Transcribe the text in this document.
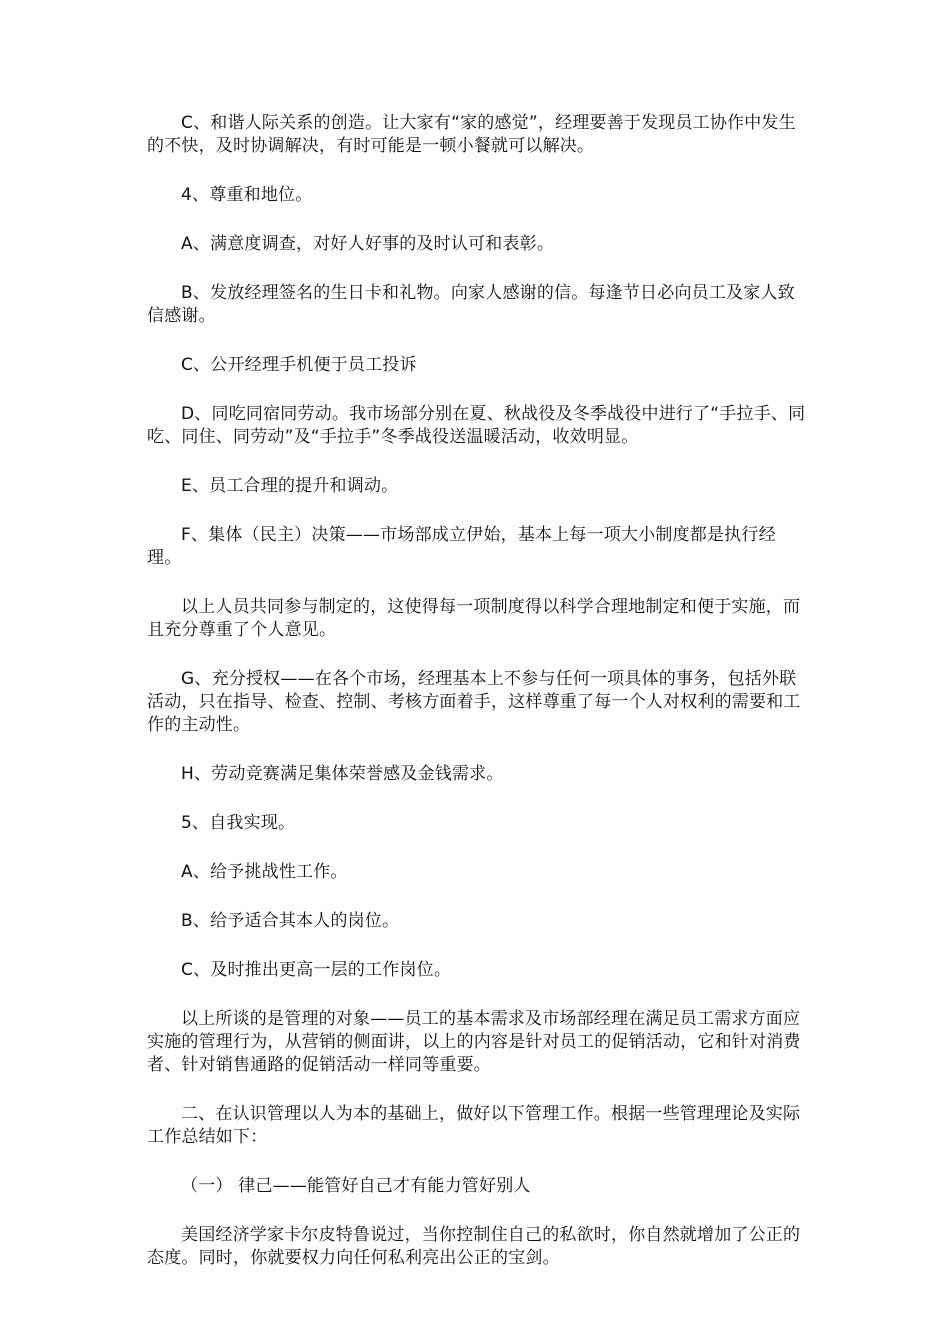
C、和谐人际关系的创造。让大家有“家的感觉”，经理要善于发现员工协作中发生的不快，及时协调解决，有时可能是一顿小餐就可以解决。

4、尊重和地位。

A、满意度调查，对好人好事的及时认可和表彰。

B、发放经理签名的生日卡和礼物。向家人感谢的信。每逢节日必向员工及家人致信感谢。

C、公开经理手机便于员工投诉

D、同吃同宿同劳动。我市场部分别在夏、秋战役及冬季战役中进行了“手拉手、同吃、同住、同劳动”及“手拉手”冬季战役送温暖活动，收效明显。

E、员工合理的提升和调动。

F、集体（民主）决策——市场部成立伊始，基本上每一项大小制度都是执行经理。

以上人员共同参与制定的，这使得每一项制度得以科学合理地制定和便于实施，而且充分尊重了个人意见。

G、充分授权——在各个市场，经理基本上不参与任何一项具体的事务，包括外联活动，只在指导、检查、控制、考核方面着手，这样尊重了每一个人对权利的需要和工作的主动性。

H、劳动竞赛满足集体荣誉感及金钱需求。

5、自我实现。

A、给予挑战性工作。

B、给予适合其本人的岗位。

C、及时推出更高一层的工作岗位。

以上所谈的是管理的对象——员工的基本需求及市场部经理在满足员工需求方面应实施的管理行为，从营销的侧面讲，以上的内容是针对员工的促销活动，它和针对消费者、针对销售通路的促销活动一样同等重要。

二、在认识管理以人为本的基础上，做好以下管理工作。根据一些管理理论及实际工作总结如下：

（一） 律己——能管好自己才有能力管好别人

美国经济学家卡尔皮特鲁说过，当你控制住自己的私欲时，你自然就增加了公正的态度。同时，你就要权力向任何私利亮出公正的宝剑。
